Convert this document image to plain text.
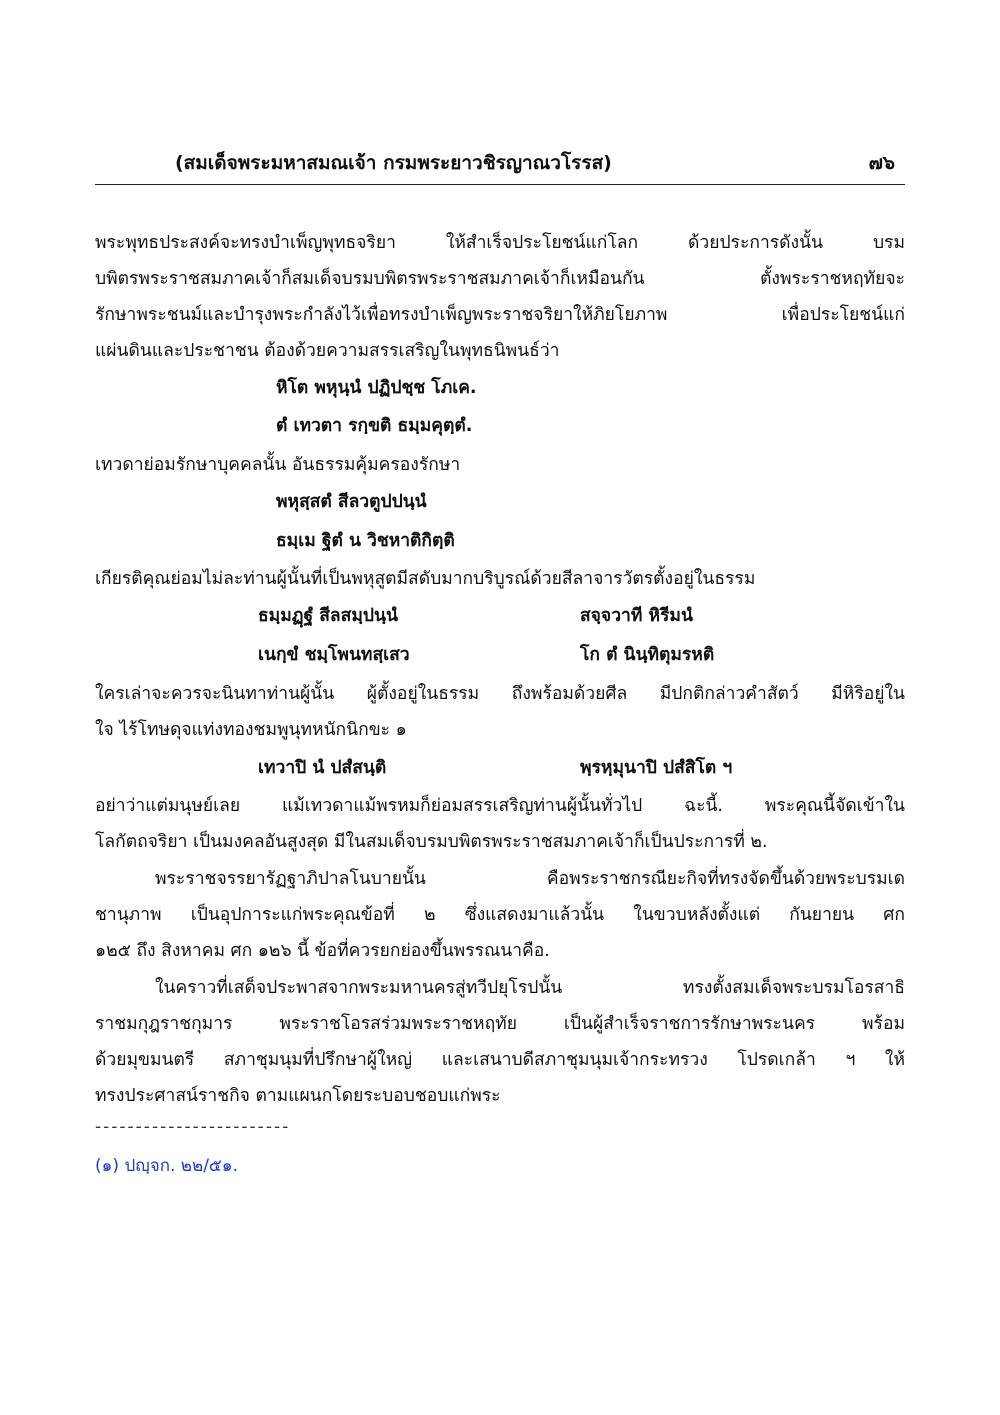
(สมเด็จพระมหาสมณเจ้า กรมพระยาวชิรญาณวโรรส)	๗๖
พระพุทธประสงค์จะทรงบำเพ็ญพุทธจริยา ให้สำเร็จประโยชน์แก่โลก ด้วยประการดังนั้น บรม
บพิตรพระราชสมภาคเจ้าก็สมเด็จบรมบพิตรพระราชสมภาคเจ้าก็เหมือนกัน ตั้งพระราชหฤทัยจะ
รักษาพระชนม์และบำรุงพระกำลังไว้เพื่อทรงบำเพ็ญพระราชจริยาให้ภิยโยภาพ เพื่อประโยชน์แก่
แผ่นดินและประชาชน ต้องด้วยความสรรเสริญในพุทธนิพนธ์ว่า
หิโต พหุนฺนํ ปฏิปชฺช โภเค.
ตํ เทวตา รกฺขติ ธมฺมคุตฺตํ.
เทวดาย่อมรักษาบุคคลนั้น อันธรรมคุ้มครองรักษา
พหุสฺสตํ สีลวตูปปนฺนํ
ธมฺเม ฐิตํ น วิชหาติกิตฺติ
เกียรติคุณย่อมไม่ละท่านผู้นั้นที่เป็นพหุสูตมีสดับมากบริบูรณ์ด้วยสีลาจารวัตรตั้งอยู่ในธรรม
ธมฺมฏฺฐํ สีลสมฺปนฺนํ	สจฺจวาที หิรีมนํ
เนกฺขํ ชมฺโพนทสฺเสว	โก ตํ นินฺทิตุมรหติ
ใครเล่าจะควรจะนินทาท่านผู้นั้น ผู้ตั้งอยู่ในธรรม ถึงพร้อมด้วยศีล มีปกติกล่าวคำสัตว์ มีหิริอยู่ใน
ใจ ไร้โทษดุจแท่งทองชมพูนุทหนักนิกขะ ๑
เทวาปิ นํ ปสํสนฺติ	พฺรหฺมุนาปิ ปสํสิโต ฯ
อย่าว่าแต่มนุษย์เลย แม้เทวดาแม้พรหมก็ย่อมสรรเสริญท่านผู้นั้นทั่วไป ฉะนี้. พระคุณนี้จัดเข้าใน
โลกัตถจริยา เป็นมงคลอันสูงสุด มีในสมเด็จบรมบพิตรพระราชสมภาคเจ้าก็เป็นประการที่ ๒.
พระราชจรรยารัฏฐาภิปาลโนบายนั้น คือพระราชกรณียะกิจที่ทรงจัดขึ้นด้วยพระบรมเด
ชานุภาพ เป็นอุปการะแก่พระคุณข้อที่ ๒ ซึ่งแสดงมาแล้วนั้น ในขวบหลังตั้งแต่ กันยายน ศก
๑๒๕ ถึง สิงหาคม ศก ๑๒๖ นี้ ข้อที่ควรยกย่องขึ้นพรรณนาคือ.
ในคราวที่เสด็จประพาสจากพระมหานครสู่ทวีปยุโรปนั้น ทรงตั้งสมเด็จพระบรมโอรสาธิ
ราชมกุฎราชกุมาร พระราชโอรสร่วมพระราชหฤทัย เป็นผู้สำเร็จราชการรักษาพระนคร พร้อม
ด้วยมุขมนตรี สภาชุมนุมที่ปรึกษาผู้ใหญ่ และเสนาบดีสภาชุมนุมเจ้ากระทรวง โปรดเกล้า ฯ ให้
ทรงประศาสน์ราชกิจ ตามแผนกโดยระบอบชอบแก่พระ
------------------------
(๑) ปญฺจก. ๒๒/๕๑.
